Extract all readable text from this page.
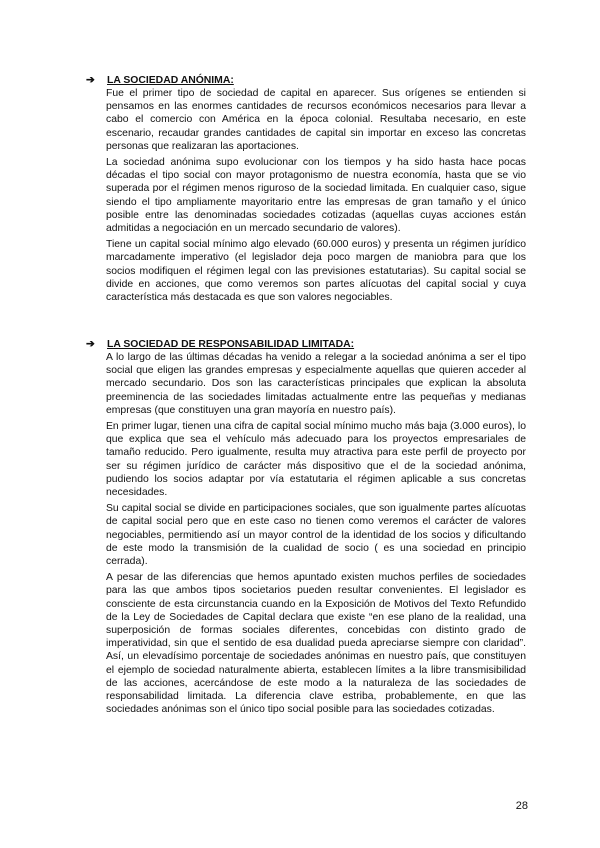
➔ LA SOCIEDAD ANÓNIMA:

Fue el primer tipo de sociedad de capital en aparecer. Sus orígenes se entienden si pensamos en las enormes cantidades de recursos económicos necesarios para llevar a cabo el comercio con América en la época colonial. Resultaba necesario, en este escenario, recaudar grandes cantidades de capital sin importar en exceso las concretas personas que realizaran las aportaciones.

La sociedad anónima supo evolucionar con los tiempos y ha sido hasta hace pocas décadas el tipo social con mayor protagonismo de nuestra economía, hasta que se vio superada por el régimen menos riguroso de la sociedad limitada. En cualquier caso, sigue siendo el tipo ampliamente mayoritario entre las empresas de gran tamaño y el único posible entre las denominadas sociedades cotizadas (aquellas cuyas acciones están admitidas a negociación en un mercado secundario de valores).

Tiene un capital social mínimo algo elevado (60.000 euros) y presenta un régimen jurídico marcadamente imperativo (el legislador deja poco margen de maniobra para que los socios modifiquen el régimen legal con las previsiones estatutarias). Su capital social se divide en acciones, que como veremos son partes alícuotas del capital social y cuya característica más destacada es que son valores negociables.

➔ LA SOCIEDAD DE RESPONSABILIDAD LIMITADA:

A lo largo de las últimas décadas ha venido a relegar a la sociedad anónima a ser el tipo social que eligen las grandes empresas y especialmente aquellas que quieren acceder al mercado secundario. Dos son las características principales que explican la absoluta preeminencia de las sociedades limitadas actualmente entre las pequeñas y medianas empresas (que constituyen una gran mayoría en nuestro país).

En primer lugar, tienen una cifra de capital social mínimo mucho más baja (3.000 euros), lo que explica que sea el vehículo más adecuado para los proyectos empresariales de tamaño reducido. Pero igualmente, resulta muy atractiva para este perfil de proyecto por ser su régimen jurídico de carácter más dispositivo que el de la sociedad anónima, pudiendo los socios adaptar por vía estatutaria el régimen aplicable a sus concretas necesidades.

Su capital social se divide en participaciones sociales, que son igualmente partes alícuotas de capital social pero que en este caso no tienen como veremos el carácter de valores negociables, permitiendo así un mayor control de la identidad de los socios y dificultando de este modo la transmisión de la cualidad de socio ( es una sociedad en principio cerrada).

A pesar de las diferencias que hemos apuntado existen muchos perfiles de sociedades para las que ambos tipos societarios pueden resultar convenientes. El legislador es consciente de esta circunstancia cuando en la Exposición de Motivos del Texto Refundido de la Ley de Sociedades de Capital declara que existe “en ese plano de la realidad, una superposición de formas sociales diferentes, concebidas con distinto grado de imperatividad, sin que el sentido de esa dualidad pueda apreciarse siempre con claridad”. Así, un elevadísimo porcentaje de sociedades anónimas en nuestro país, que constituyen el ejemplo de sociedad naturalmente abierta, establecen límites a la libre transmisibilidad de las acciones, acercándose de este modo a la naturaleza de las sociedades de responsabilidad limitada. La diferencia clave estriba, probablemente, en que las sociedades anónimas son el único tipo social posible para las sociedades cotizadas.

28
